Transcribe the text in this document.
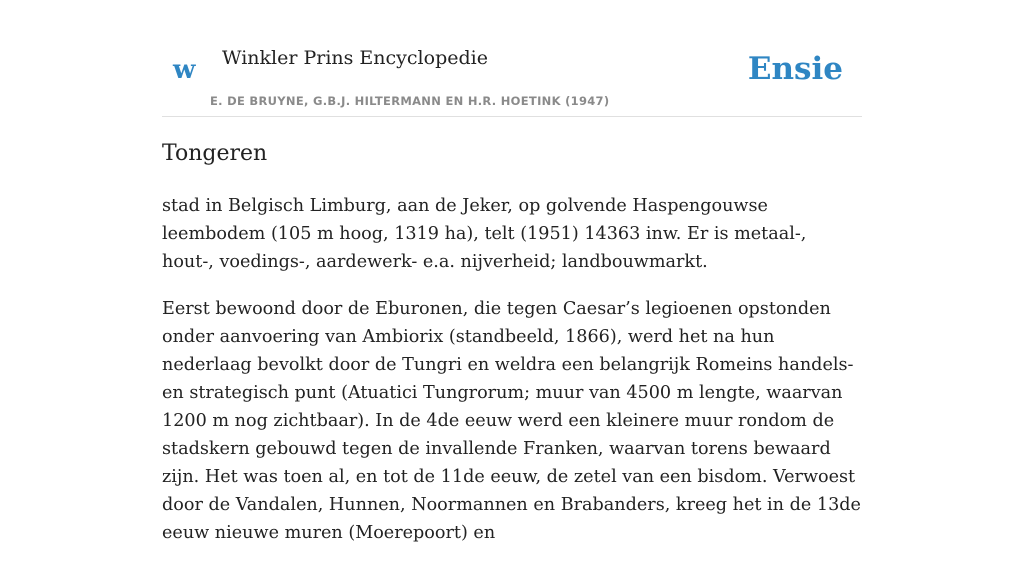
w Winkler Prins Encyclopedie
E. DE BRUYNE, G.B.J. HILTERMANN EN H.R. HOETINK (1947)
Ensie
Tongeren

stad in Belgisch Limburg, aan de Jeker, op golvende Haspengouwse leembodem (105 m hoog, 1319 ha), telt (1951) 14363 inw. Er is metaal-, hout-, voedings-, aardewerk- e.a. nijverheid; landbouwmarkt.

Eerst bewoond door de Eburonen, die tegen Caesar’s legioenen opstonden onder aanvoering van Ambiorix (standbeeld, 1866), werd het na hun nederlaag bevolkt door de Tungri en weldra een belangrijk Romeins handels- en strategisch punt (Atuatici Tungrorum; muur van 4500 m lengte, waarvan 1200 m nog zichtbaar). In de 4de eeuw werd een kleinere muur rondom de stadskern gebouwd tegen de invallende Franken, waarvan torens bewaard zijn. Het was toen al, en tot de 11de eeuw, de zetel van een bisdom. Verwoest door de Vandalen, Hunnen, Noormannen en Brabanders, kreeg het in de 13de eeuw nieuwe muren (Moerepoort) en
